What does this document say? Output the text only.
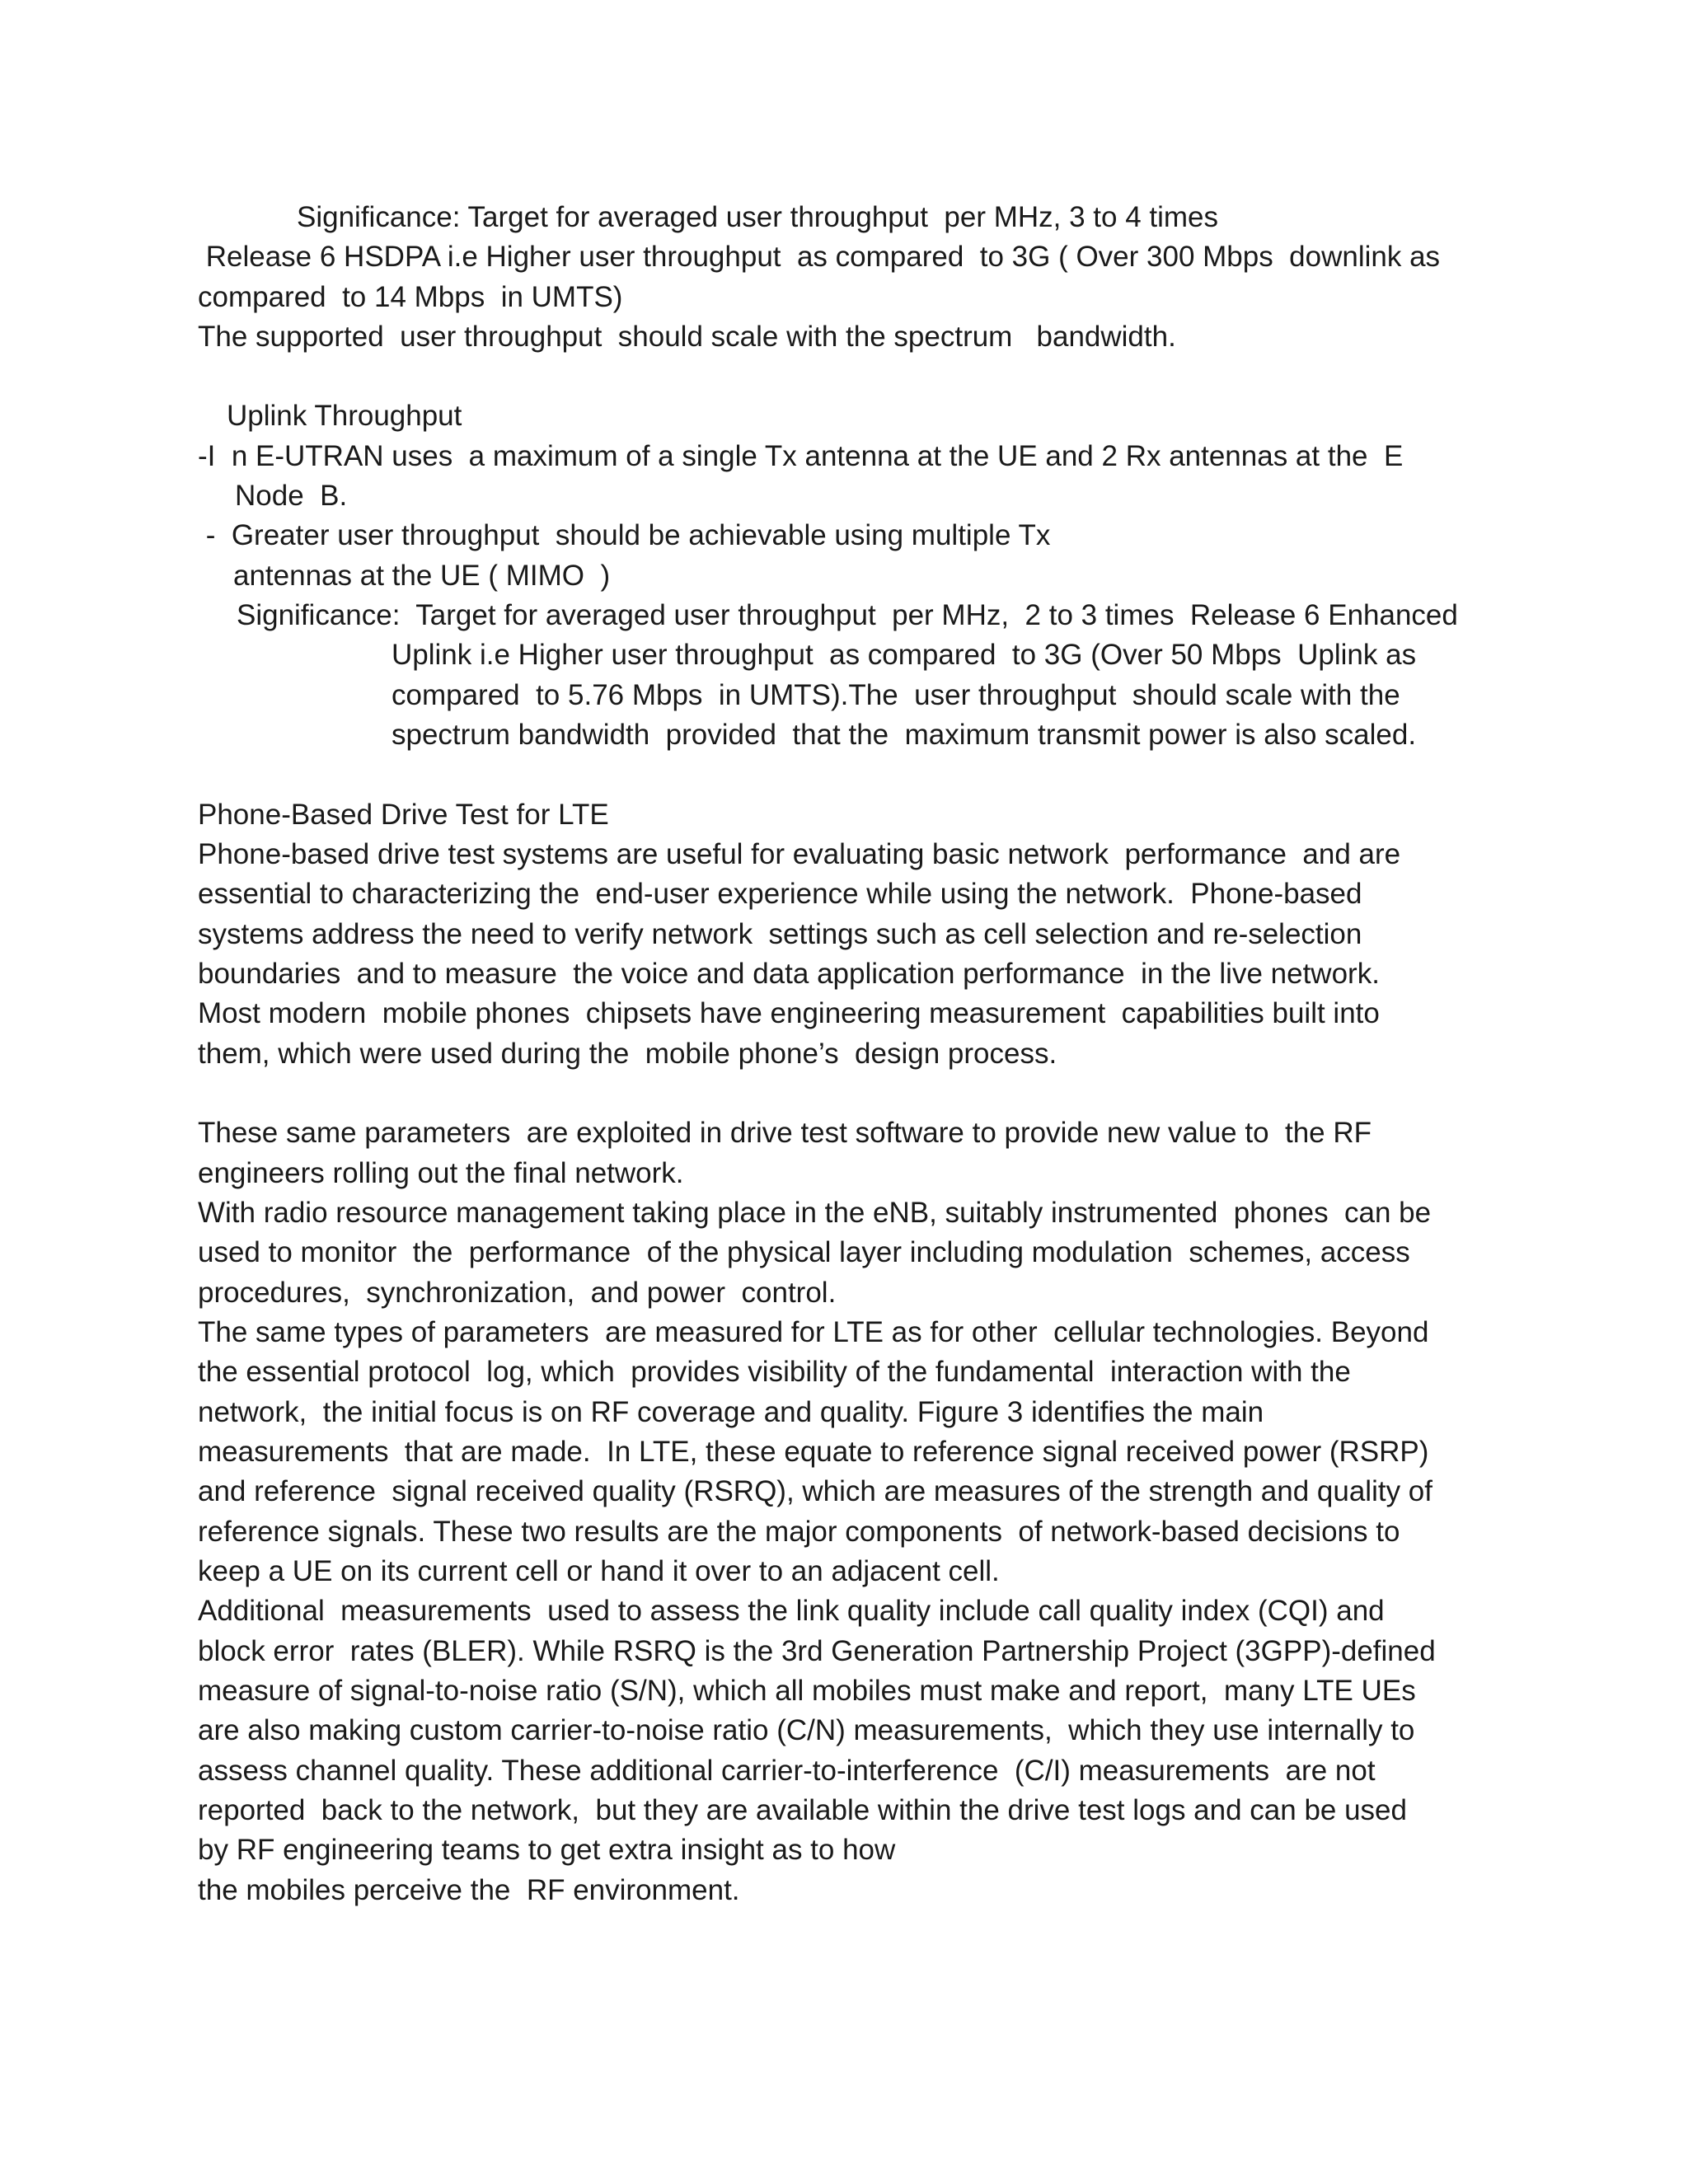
Significance: Target for averaged user throughput  per MHz, 3 to 4 times
Release 6 HSDPA i.e Higher user throughput  as compared  to 3G ( Over 300 Mbps  downlink as
compared  to 14 Mbps  in UMTS)
The supported  user throughput  should scale with the spectrum   bandwidth.
Uplink Throughput
-I  n E-UTRAN uses  a maximum of a single Tx antenna at the UE and 2 Rx antennas at the  E
Node  B.
-  Greater user throughput  should be achievable using multiple Tx
antennas at the UE ( MIMO  )
Significance:  Target for averaged user throughput  per MHz,  2 to 3 times  Release 6 Enhanced
Uplink i.e Higher user throughput  as compared  to 3G (Over 50 Mbps  Uplink as
compared  to 5.76 Mbps  in UMTS).The  user throughput  should scale with the
spectrum bandwidth  provided  that the  maximum transmit power is also scaled.
Phone-Based Drive Test for LTE
Phone-based drive test systems are useful for evaluating basic network  performance  and are
essential to characterizing the  end-user experience while using the network.  Phone-based
systems address the need to verify network  settings such as cell selection and re-selection
boundaries  and to measure  the voice and data application performance  in the live network.
Most modern  mobile phones  chipsets have engineering measurement  capabilities built into
them, which were used during the  mobile phone’s  design process.
These same parameters  are exploited in drive test software to provide new value to  the RF
engineers rolling out the final network.
With radio resource management taking place in the eNB, suitably instrumented  phones  can be
used to monitor  the  performance  of the physical layer including modulation  schemes, access
procedures,  synchronization,  and power  control.
The same types of parameters  are measured for LTE as for other  cellular technologies. Beyond
the essential protocol  log, which  provides visibility of the fundamental  interaction with the
network,  the initial focus is on RF coverage and quality. Figure 3 identifies the main
measurements  that are made.  In LTE, these equate to reference signal received power (RSRP)
and reference  signal received quality (RSRQ), which are measures of the strength and quality of
reference signals. These two results are the major components  of network-based decisions to
keep a UE on its current cell or hand it over to an adjacent cell.
Additional  measurements  used to assess the link quality include call quality index (CQI) and
block error  rates (BLER). While RSRQ is the 3rd Generation Partnership Project (3GPP)-defined
measure of signal-to-noise ratio (S/N), which all mobiles must make and report,  many LTE UEs
are also making custom carrier-to-noise ratio (C/N) measurements,  which they use internally to
assess channel quality. These additional carrier-to-interference  (C/I) measurements  are not
reported  back to the network,  but they are available within the drive test logs and can be used
by RF engineering teams to get extra insight as to how
the mobiles perceive the  RF environment.
